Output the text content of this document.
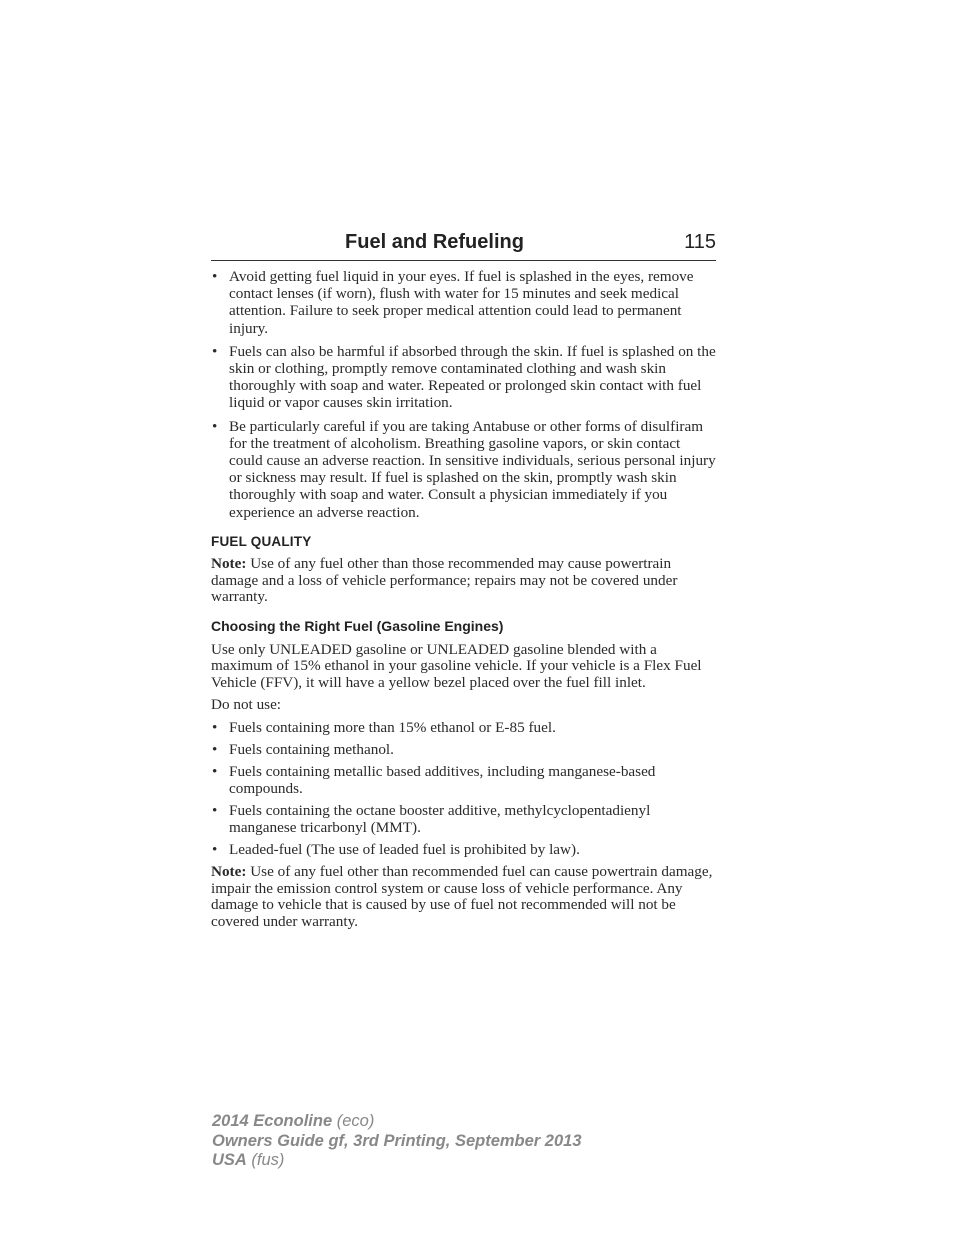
Fuel and Refueling	115
• Avoid getting fuel liquid in your eyes. If fuel is splashed in the eyes, remove contact lenses (if worn), flush with water for 15 minutes and seek medical attention. Failure to seek proper medical attention could lead to permanent injury.
• Fuels can also be harmful if absorbed through the skin. If fuel is splashed on the skin or clothing, promptly remove contaminated clothing and wash skin thoroughly with soap and water. Repeated or prolonged skin contact with fuel liquid or vapor causes skin irritation.
• Be particularly careful if you are taking Antabuse or other forms of disulfiram for the treatment of alcoholism. Breathing gasoline vapors, or skin contact could cause an adverse reaction. In sensitive individuals, serious personal injury or sickness may result. If fuel is splashed on the skin, promptly wash skin thoroughly with soap and water. Consult a physician immediately if you experience an adverse reaction.
FUEL QUALITY

Note: Use of any fuel other than those recommended may cause powertrain damage and a loss of vehicle performance; repairs may not be covered under warranty.

Choosing the Right Fuel (Gasoline Engines)

Use only UNLEADED gasoline or UNLEADED gasoline blended with a maximum of 15% ethanol in your gasoline vehicle. If your vehicle is a Flex Fuel Vehicle (FFV), it will have a yellow bezel placed over the fuel fill inlet.

Do not use:

• Fuels containing more than 15% ethanol or E-85 fuel.
• Fuels containing methanol.
• Fuels containing metallic based additives, including manganese-based compounds.
• Fuels containing the octane booster additive, methylcyclopentadienyl manganese tricarbonyl (MMT).
• Leaded-fuel (The use of leaded fuel is prohibited by law).

Note: Use of any fuel other than recommended fuel can cause powertrain damage, impair the emission control system or cause loss of vehicle performance. Any damage to vehicle that is caused by use of fuel not recommended will not be covered under warranty.

2014 Econoline (eco)
Owners Guide gf, 3rd Printing, September 2013
USA (fus)
